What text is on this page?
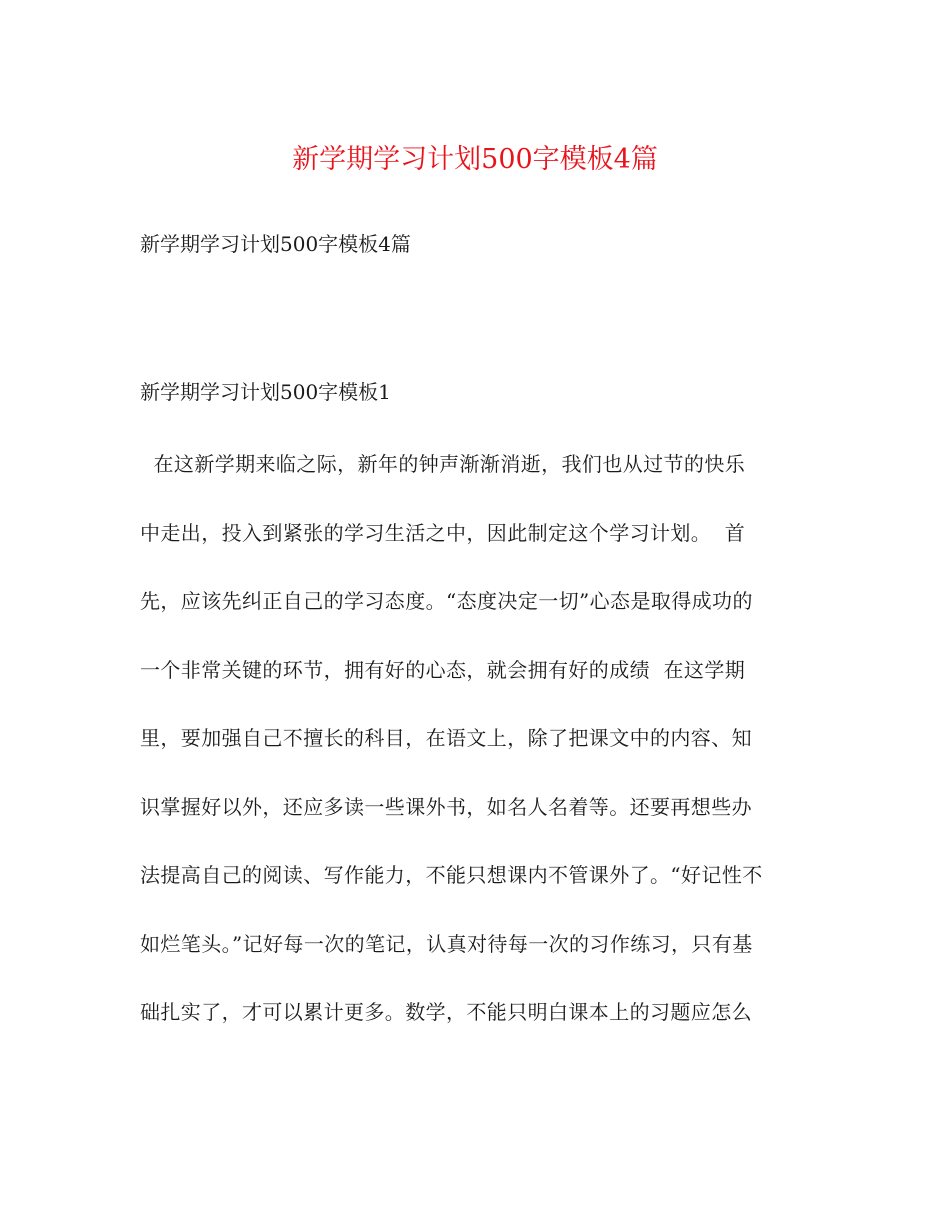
新学期学习计划500字模板4篇

新学期学习计划500字模板4篇

新学期学习计划500字模板1

在这新学期来临之际，新年的钟声渐渐消逝，我们也从过节的快乐
中走出，投入到紧张的学习生活之中，因此制定这个学习计划。  首
先，应该先纠正自己的学习态度。“态度决定一切”心态是取得成功的
一个非常关键的环节，拥有好的心态，就会拥有好的成绩  在这学期
里，要加强自己不擅长的科目，在语文上，除了把课文中的内容、知
识掌握好以外，还应多读一些课外书，如名人名着等。还要再想些办
法提高自己的阅读、写作能力，不能只想课内不管课外了。“好记性不
如烂笔头。”记好每一次的笔记，认真对待每一次的习作练习，只有基
础扎实了，才可以累计更多。数学，不能只明白课本上的习题应怎么
